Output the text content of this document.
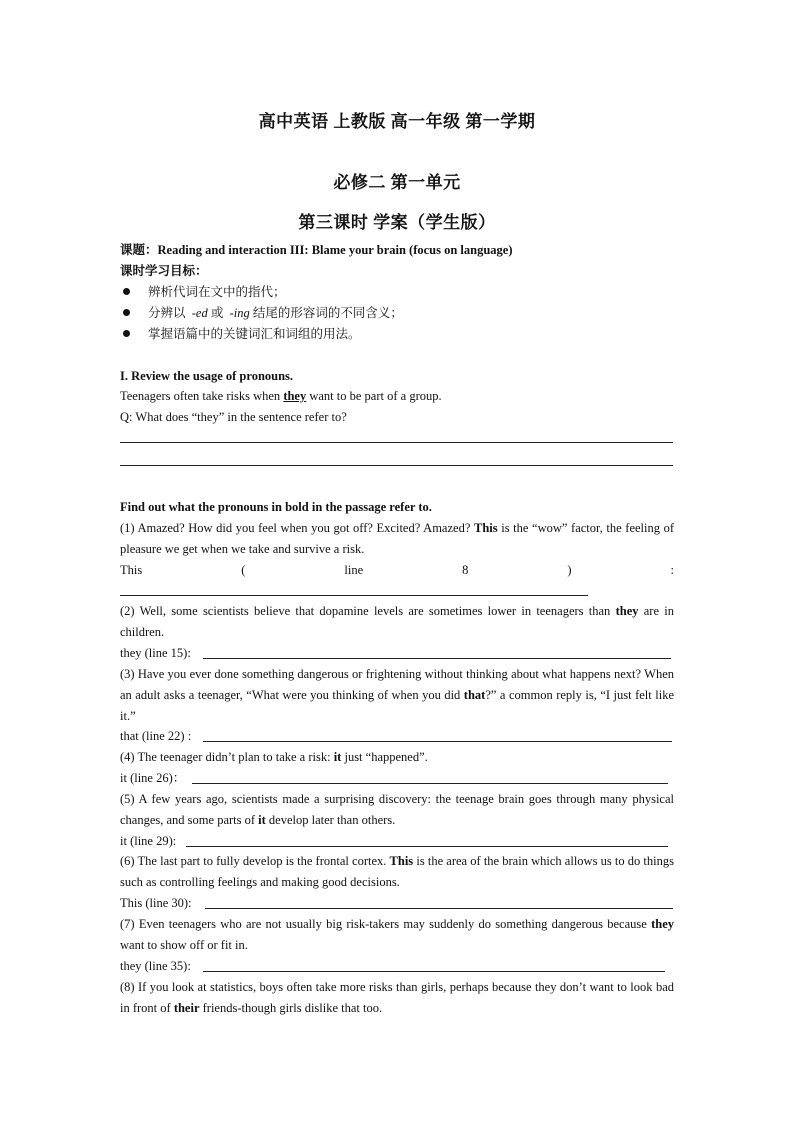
高中英语 上教版 高一年级 第一学期
必修二 第一单元
第三课时 学案（学生版）
课题：Reading and interaction III: Blame your brain (focus on language)
课时学习目标：
辨析代词在文中的指代；
分辨以 -ed 或 -ing 结尾的形容词的不同含义；
掌握语篇中的关键词汇和词组的用法。
I. Review the usage of pronouns.
Teenagers often take risks when they want to be part of a group.
Q: What does “they” in the sentence refer to?
Find out what the pronouns in bold in the passage refer to.
(1) Amazed? How did you feel when you got off? Excited? Amazed? This is the “wow” factor, the feeling of pleasure we get when we take and survive a risk.
This	(	line	8	)	:
(2) Well, some scientists believe that dopamine levels are sometimes lower in teenagers than they are in children.
they (line 15):
(3) Have you ever done something dangerous or frightening without thinking about what happens next? When an adult asks a teenager, “What were you thinking of when you did that?” a common reply is, “I just felt like it.”
that (line 22) :
(4) The teenager didn’t plan to take a risk: it just “happened”.
it (line 26)：
(5) A few years ago, scientists made a surprising discovery: the teenage brain goes through many physical changes, and some parts of it develop later than others.
it (line 29):
(6) The last part to fully develop is the frontal cortex. This is the area of the brain which allows us to do things such as controlling feelings and making good decisions.
This (line 30):
(7) Even teenagers who are not usually big risk-takers may suddenly do something dangerous because they want to show off or fit in.
they (line 35):
(8) If you look at statistics, boys often take more risks than girls, perhaps because they don’t want to look bad in front of their friends-though girls dislike that too.
